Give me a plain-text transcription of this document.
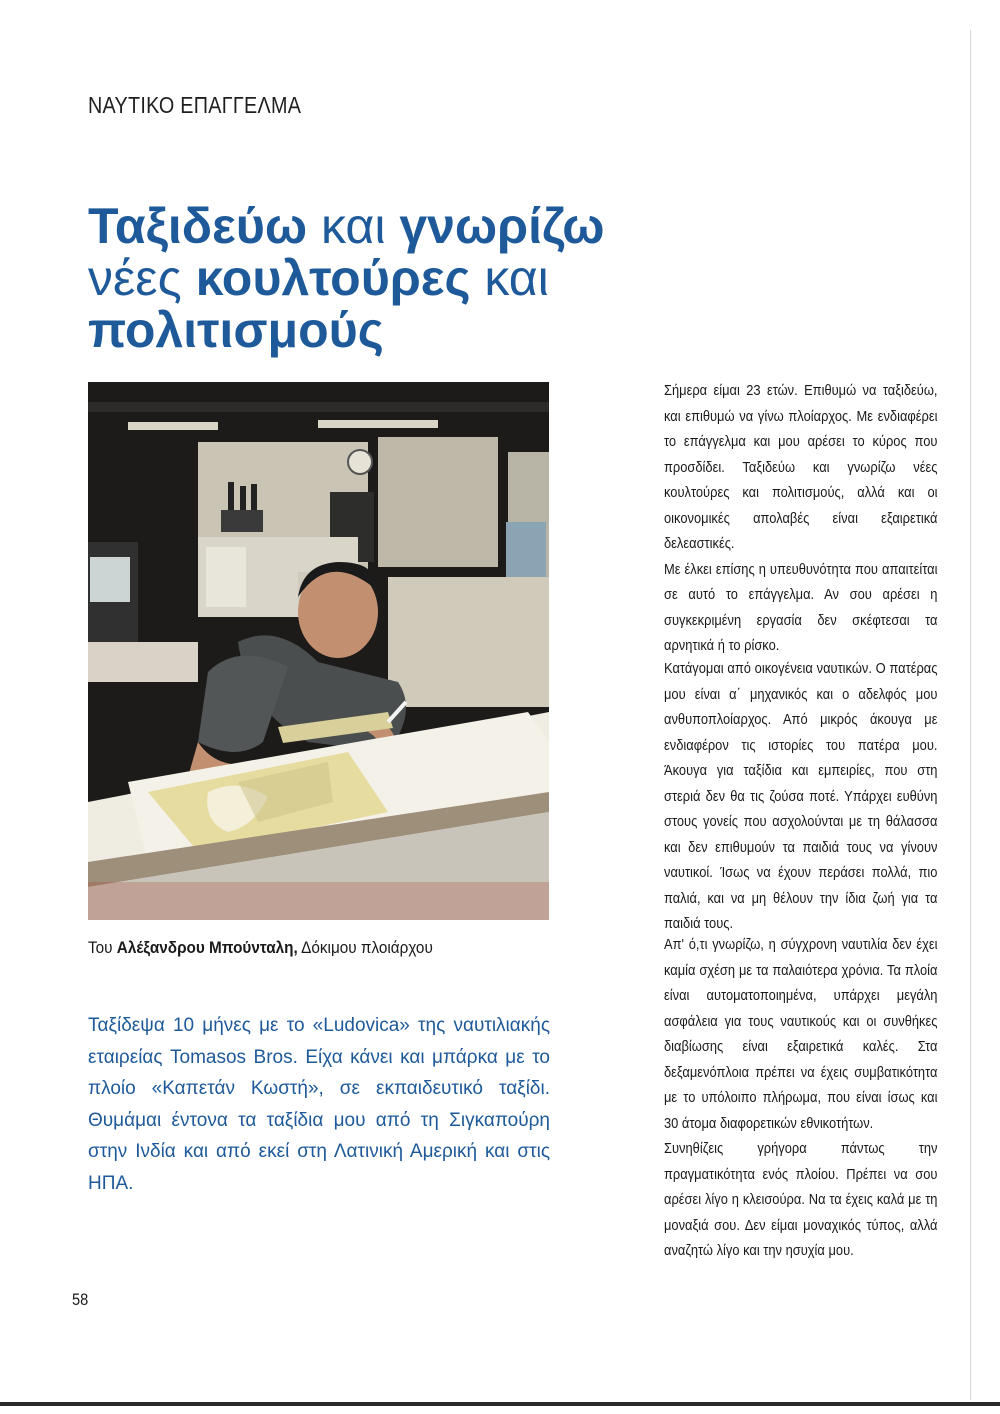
ΝΑΥΤΙΚΟ ΕΠΑΓΓΕΛΜΑ
Ταξιδεύω και γνωρίζω
νέες κουλτούρες και
πολιτισμούς
Του Αλέξανδρου Μπούνταλη, Δόκιμου πλοιάρχου

Ταξίδεψα 10 μήνες με το «Ludovica» της ναυτιλιακής εταιρείας Tomasos Bros. Είχα κάνει και μπάρκα με το πλοίο «Καπετάν Κωστή», σε εκπαιδευτικό ταξίδι. Θυμάμαι έντονα τα ταξίδια μου από τη Σιγκαπούρη στην Ινδία και από εκεί στη Λατινική Αμερική και στις ΗΠΑ.

Σήμερα είμαι 23 ετών. Επιθυμώ να ταξιδεύω, και επιθυμώ να γίνω πλοίαρχος. Με ενδιαφέρει το επάγγελμα και μου αρέσει το κύρος που προσδίδει. Ταξιδεύω και γνωρίζω νέες κουλτούρες και πολιτισμούς, αλλά και οι οικονομικές απολαβές είναι εξαιρετικά δελεαστικές.

Με έλκει επίσης η υπευθυνότητα που απαιτείται σε αυτό το επάγγελμα. Αν σου αρέσει η συγκεκριμένη εργασία δεν σκέφτεσαι τα αρνητικά ή το ρίσκο.

Κατάγομαι από οικογένεια ναυτικών. Ο πατέρας μου είναι α΄ μηχανικός και ο αδελφός μου ανθυποπλοίαρχος. Από μικρός άκουγα με ενδιαφέρον τις ιστορίες του πατέρα μου. Άκουγα για ταξίδια και εμπειρίες, που στη στεριά δεν θα τις ζούσα ποτέ. Υπάρχει ευθύνη στους γονείς που ασχολούνται με τη θάλασσα και δεν επιθυμούν τα παιδιά τους να γίνουν ναυτικοί. Ίσως να έχουν περάσει πολλά, πιο παλιά, και να μη θέλουν την ίδια ζωή για τα παιδιά τους.

Απ' ό,τι γνωρίζω, η σύγχρονη ναυτιλία δεν έχει καμία σχέση με τα παλαιότερα χρόνια. Τα πλοία είναι αυτοματοποιημένα, υπάρχει μεγάλη ασφάλεια για τους ναυτικούς και οι συνθήκες διαβίωσης είναι εξαιρετικά καλές. Στα δεξαμενόπλοια πρέπει να έχεις συμβατικότητα με το υπόλοιπο πλήρωμα, που είναι ίσως και 30 άτομα διαφορετικών εθνικοτήτων.

Συνηθίζεις γρήγορα πάντως την πραγματικότητα ενός πλοίου. Πρέπει να σου αρέσει λίγο η κλεισούρα. Να τα έχεις καλά με τη μοναξιά σου. Δεν είμαι μοναχικός τύπος, αλλά αναζητώ λίγο και την ησυχία μου.

58
